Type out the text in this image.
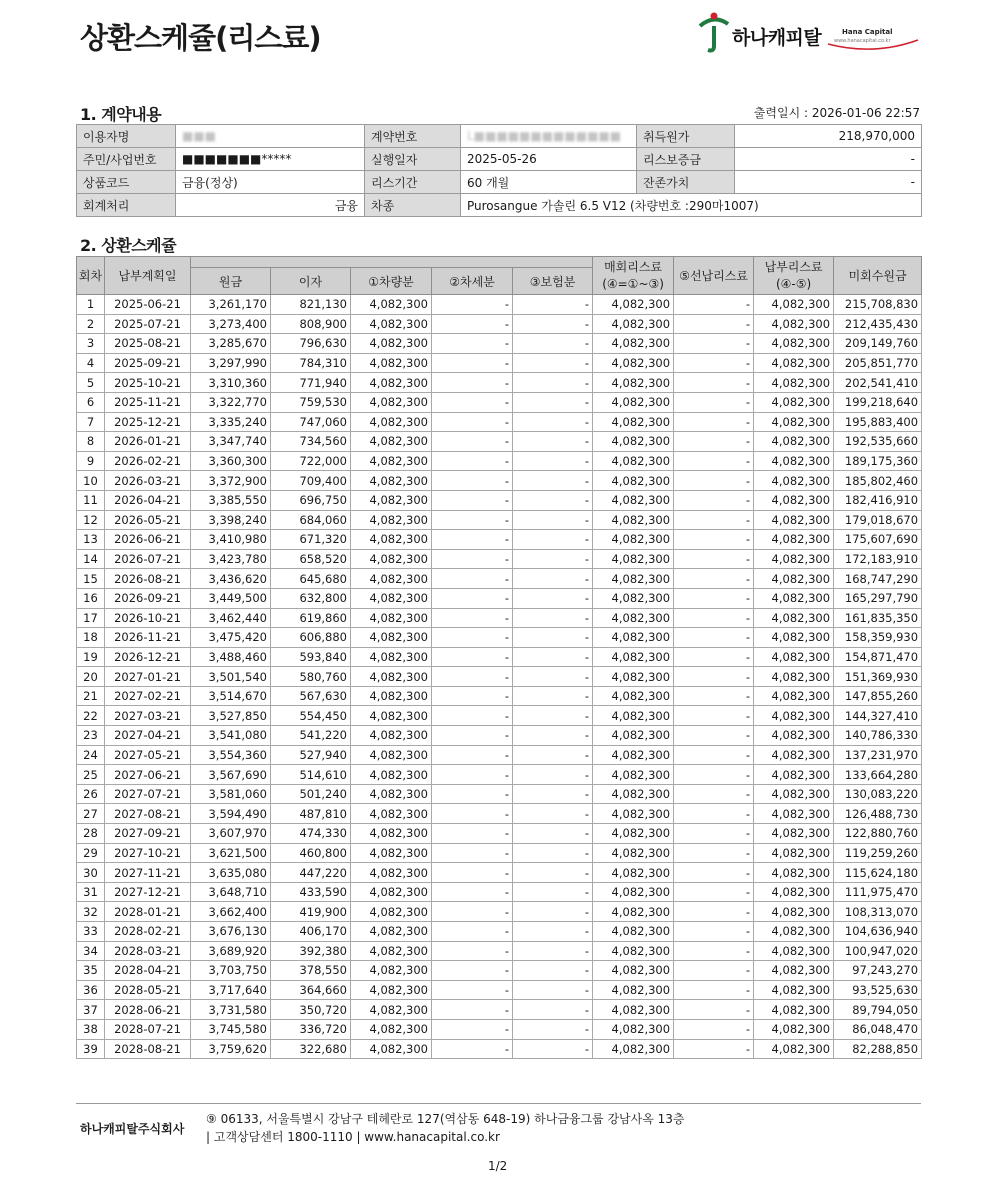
상환스케쥴(리스료)	하나캐피탈	Hana Capital
www.hanacapital.co.kr
1. 계약내용	출력일시 : 2026-01-06 22:57
이용자명	■■■	계약번호	L■■■■■■■■■■■■■	취득원가	218,970,000
주민/사업번호	■■■■■■■*****	실행일자	2025-05-26	리스보증금	-
상품코드	금융(정상)	리스기간	60 개월	잔존가치	-
회계처리	금융	차종	Purosangue 가솔린 6.5 V12 (차량번호 :290마1007)		
2. 상환스케쥴
회차	납부계획일						매회리스료 (④=①~③)	⑤선납리스료	납부리스료 (④-⑤)	미회수원금
		원금	이자	①차량분	②차세분	③보험분				
1	2025-06-21	3,261,170	821,130	4,082,300	-	-	4,082,300	-	4,082,300	215,708,830
2	2025-07-21	3,273,400	808,900	4,082,300	-	-	4,082,300	-	4,082,300	212,435,430
3	2025-08-21	3,285,670	796,630	4,082,300	-	-	4,082,300	-	4,082,300	209,149,760
4	2025-09-21	3,297,990	784,310	4,082,300	-	-	4,082,300	-	4,082,300	205,851,770
5	2025-10-21	3,310,360	771,940	4,082,300	-	-	4,082,300	-	4,082,300	202,541,410
6	2025-11-21	3,322,770	759,530	4,082,300	-	-	4,082,300	-	4,082,300	199,218,640
7	2025-12-21	3,335,240	747,060	4,082,300	-	-	4,082,300	-	4,082,300	195,883,400
8	2026-01-21	3,347,740	734,560	4,082,300	-	-	4,082,300	-	4,082,300	192,535,660
9	2026-02-21	3,360,300	722,000	4,082,300	-	-	4,082,300	-	4,082,300	189,175,360
10	2026-03-21	3,372,900	709,400	4,082,300	-	-	4,082,300	-	4,082,300	185,802,460
11	2026-04-21	3,385,550	696,750	4,082,300	-	-	4,082,300	-	4,082,300	182,416,910
12	2026-05-21	3,398,240	684,060	4,082,300	-	-	4,082,300	-	4,082,300	179,018,670
13	2026-06-21	3,410,980	671,320	4,082,300	-	-	4,082,300	-	4,082,300	175,607,690
14	2026-07-21	3,423,780	658,520	4,082,300	-	-	4,082,300	-	4,082,300	172,183,910
15	2026-08-21	3,436,620	645,680	4,082,300	-	-	4,082,300	-	4,082,300	168,747,290
16	2026-09-21	3,449,500	632,800	4,082,300	-	-	4,082,300	-	4,082,300	165,297,790
17	2026-10-21	3,462,440	619,860	4,082,300	-	-	4,082,300	-	4,082,300	161,835,350
18	2026-11-21	3,475,420	606,880	4,082,300	-	-	4,082,300	-	4,082,300	158,359,930
19	2026-12-21	3,488,460	593,840	4,082,300	-	-	4,082,300	-	4,082,300	154,871,470
20	2027-01-21	3,501,540	580,760	4,082,300	-	-	4,082,300	-	4,082,300	151,369,930
21	2027-02-21	3,514,670	567,630	4,082,300	-	-	4,082,300	-	4,082,300	147,855,260
22	2027-03-21	3,527,850	554,450	4,082,300	-	-	4,082,300	-	4,082,300	144,327,410
23	2027-04-21	3,541,080	541,220	4,082,300	-	-	4,082,300	-	4,082,300	140,786,330
24	2027-05-21	3,554,360	527,940	4,082,300	-	-	4,082,300	-	4,082,300	137,231,970
25	2027-06-21	3,567,690	514,610	4,082,300	-	-	4,082,300	-	4,082,300	133,664,280
26	2027-07-21	3,581,060	501,240	4,082,300	-	-	4,082,300	-	4,082,300	130,083,220
27	2027-08-21	3,594,490	487,810	4,082,300	-	-	4,082,300	-	4,082,300	126,488,730
28	2027-09-21	3,607,970	474,330	4,082,300	-	-	4,082,300	-	4,082,300	122,880,760
29	2027-10-21	3,621,500	460,800	4,082,300	-	-	4,082,300	-	4,082,300	119,259,260
30	2027-11-21	3,635,080	447,220	4,082,300	-	-	4,082,300	-	4,082,300	115,624,180
31	2027-12-21	3,648,710	433,590	4,082,300	-	-	4,082,300	-	4,082,300	111,975,470
32	2028-01-21	3,662,400	419,900	4,082,300	-	-	4,082,300	-	4,082,300	108,313,070
33	2028-02-21	3,676,130	406,170	4,082,300	-	-	4,082,300	-	4,082,300	104,636,940
34	2028-03-21	3,689,920	392,380	4,082,300	-	-	4,082,300	-	4,082,300	100,947,020
35	2028-04-21	3,703,750	378,550	4,082,300	-	-	4,082,300	-	4,082,300	97,243,270
36	2028-05-21	3,717,640	364,660	4,082,300	-	-	4,082,300	-	4,082,300	93,525,630
37	2028-06-21	3,731,580	350,720	4,082,300	-	-	4,082,300	-	4,082,300	89,794,050
38	2028-07-21	3,745,580	336,720	4,082,300	-	-	4,082,300	-	4,082,300	86,048,470
39	2028-08-21	3,759,620	322,680	4,082,300	-	-	4,082,300	-	4,082,300	82,288,850
하나캐피탈주식회사
⑨ 06133, 서울특별시 강남구 테헤란로 127(역삼동 648-19) 하나금융그룹 강남사옥 13층
| 고객상담센터 1800-1110 | www.hanacapital.co.kr
1/2
